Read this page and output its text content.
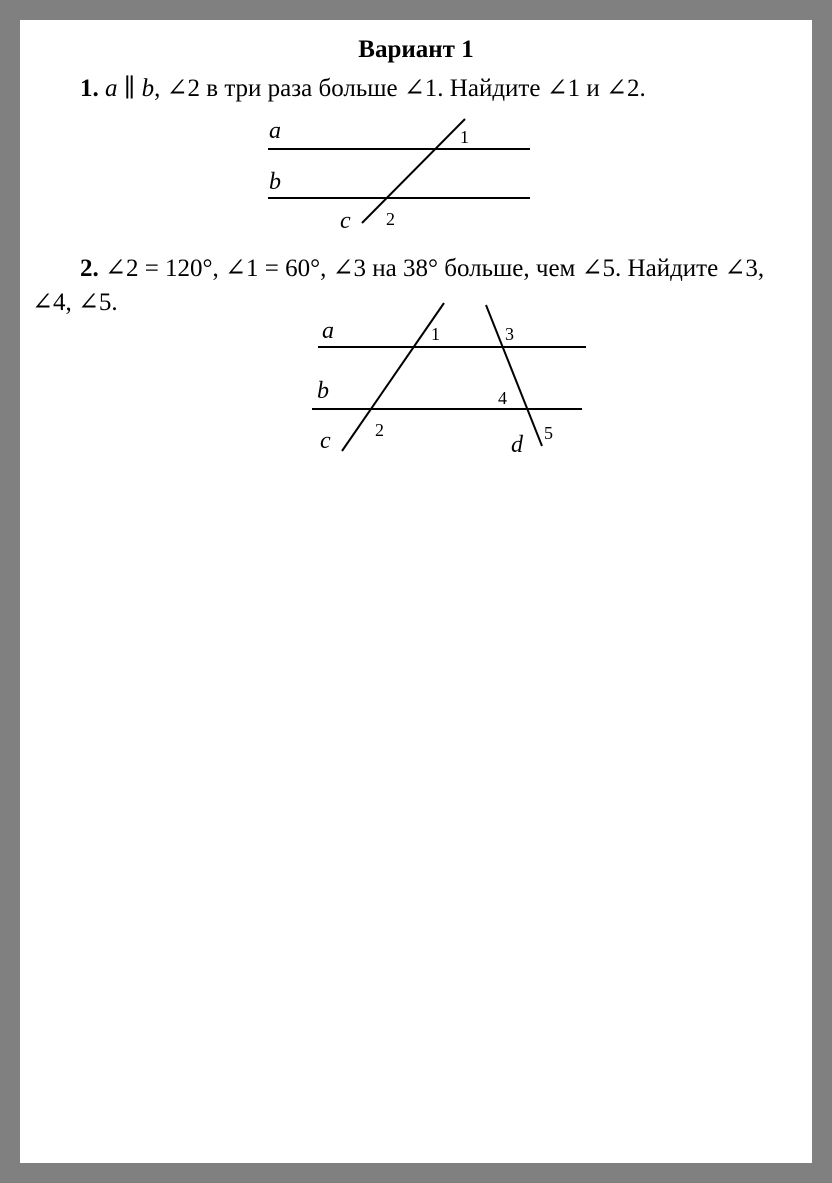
Вариант 1
1. a ∥ b, ∠2 в три раза больше ∠1. Найдите ∠1 и ∠2.
a
b
c
1
2
a
b
c	d
1
2
3
4
5
2. ∠2 = 120°, ∠1 = 60°, ∠3 на 38° больше, чем ∠5. Найдите ∠3, ∠4, ∠5.
